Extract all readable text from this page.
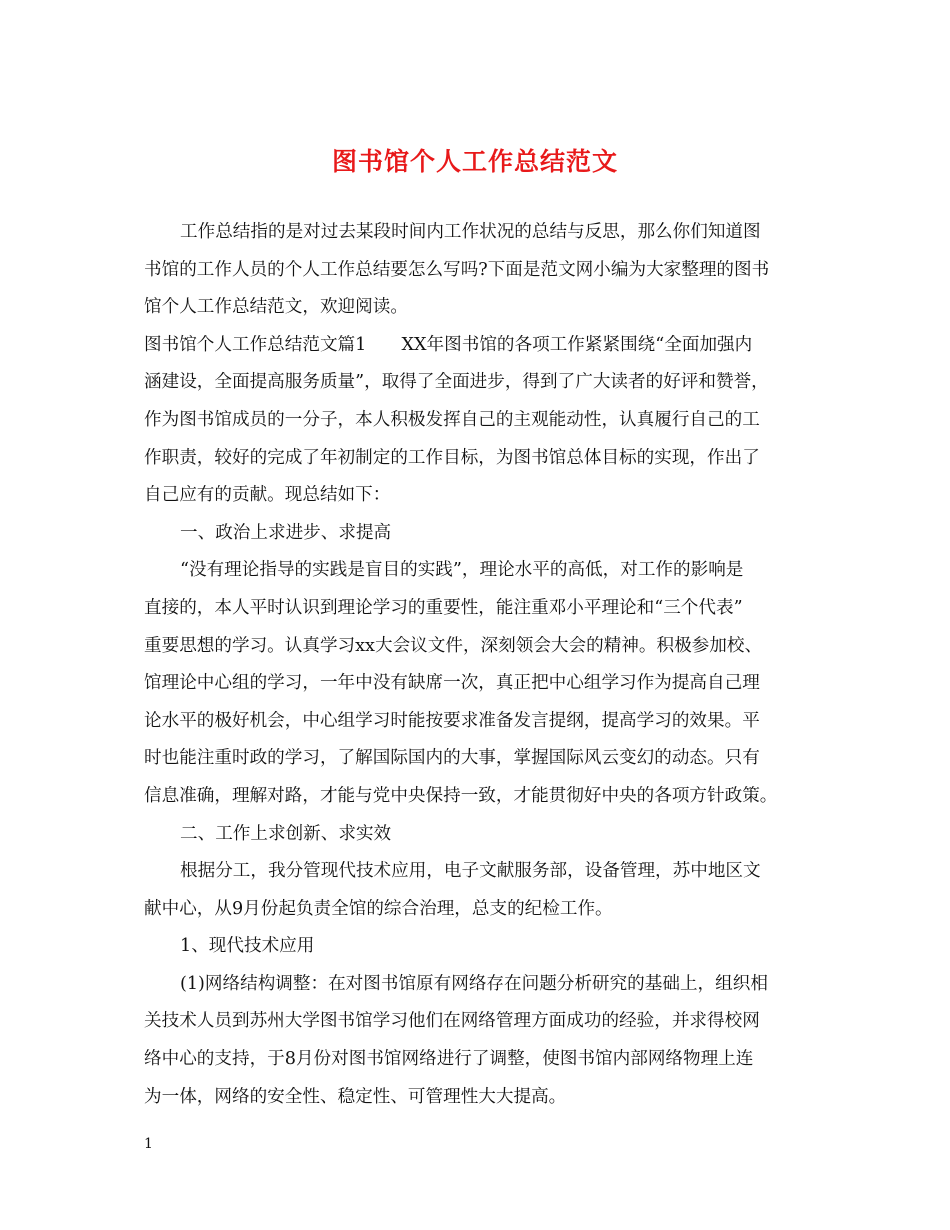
图书馆个人工作总结范文
工作总结指的是对过去某段时间内工作状况的总结与反思，那么你们知道图
书馆的工作人员的个人工作总结要怎么写吗?下面是范文网小编为大家整理的图书
馆个人工作总结范文，欢迎阅读。
图书馆个人工作总结范文篇1　　XX年图书馆的各项工作紧紧围绕“全面加强内
涵建设，全面提高服务质量”，取得了全面进步，得到了广大读者的好评和赞誉，
作为图书馆成员的一分子，本人积极发挥自己的主观能动性，认真履行自己的工
作职责，较好的完成了年初制定的工作目标，为图书馆总体目标的实现，作出了
自己应有的贡献。现总结如下：
一、政治上求进步、求提高
“没有理论指导的实践是盲目的实践”，理论水平的高低，对工作的影响是
直接的，本人平时认识到理论学习的重要性，能注重邓小平理论和“三个代表”
重要思想的学习。认真学习xx大会议文件，深刻领会大会的精神。积极参加校、
馆理论中心组的学习，一年中没有缺席一次，真正把中心组学习作为提高自己理
论水平的极好机会，中心组学习时能按要求准备发言提纲，提高学习的效果。平
时也能注重时政的学习，了解国际国内的大事，掌握国际风云变幻的动态。只有
信息准确，理解对路，才能与党中央保持一致，才能贯彻好中央的各项方针政策。
二、工作上求创新、求实效
根据分工，我分管现代技术应用，电子文献服务部，设备管理，苏中地区文
献中心，从9月份起负责全馆的综合治理，总支的纪检工作。
1、现代技术应用
(1)网络结构调整：在对图书馆原有网络存在问题分析研究的基础上，组织相
关技术人员到苏州大学图书馆学习他们在网络管理方面成功的经验，并求得校网
络中心的支持，于8月份对图书馆网络进行了调整，使图书馆内部网络物理上连
为一体，网络的安全性、稳定性、可管理性大大提高。
1
